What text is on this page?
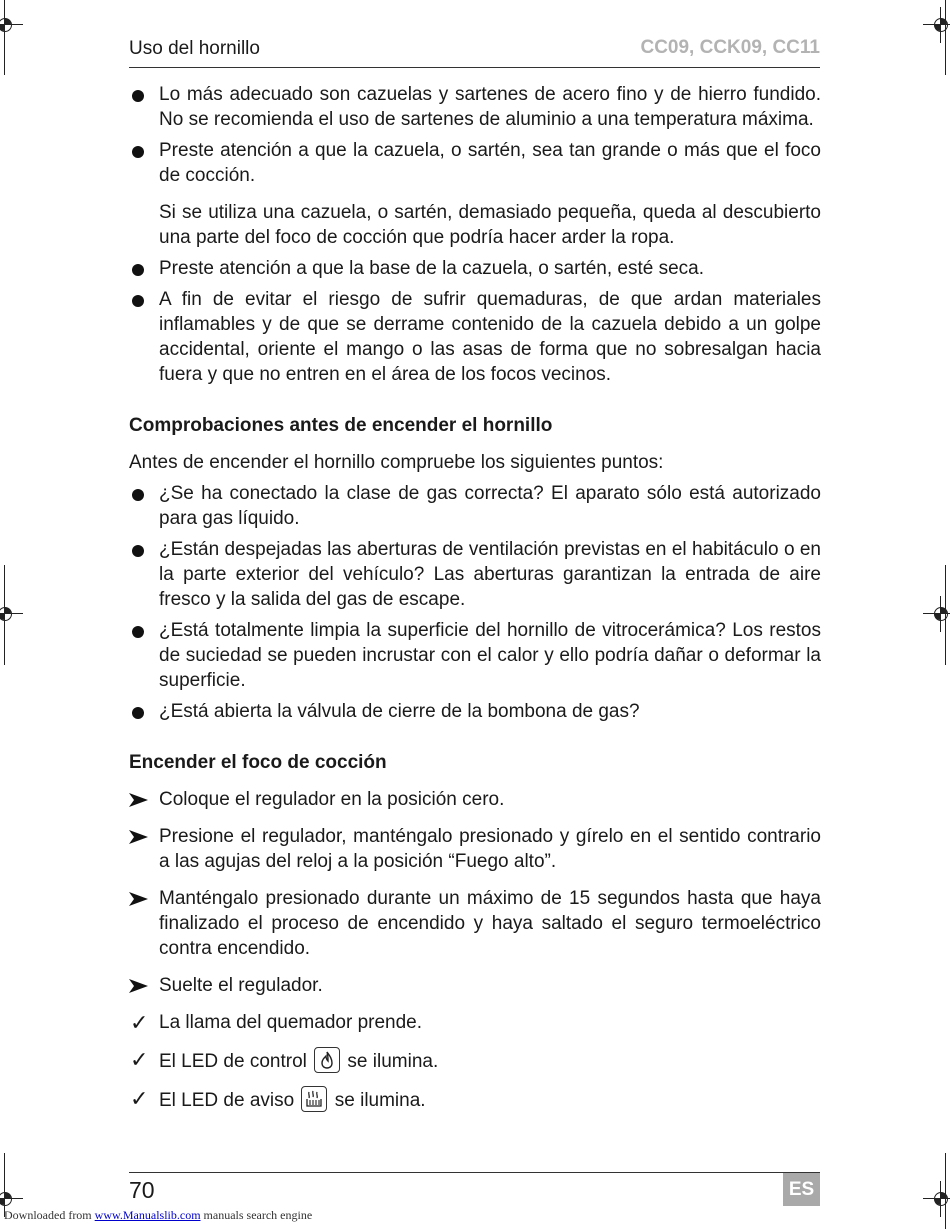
Uso del hornillo	CC09, CCK09, CC11
Lo más adecuado son cazuelas y sartenes de acero fino y de hierro fundido. No se recomienda el uso de sartenes de aluminio a una temperatura máxima.
Preste atención a que la cazuela, o sartén, sea tan grande o más que el foco de cocción.
Si se utiliza una cazuela, o sartén, demasiado pequeña, queda al descubierto una parte del foco de cocción que podría hacer arder la ropa.
Preste atención a que la base de la cazuela, o sartén, esté seca.
A fin de evitar el riesgo de sufrir quemaduras, de que ardan materiales inflamables y de que se derrame contenido de la cazuela debido a un golpe accidental, oriente el mango o las asas de forma que no sobresalgan hacia fuera y que no entren en el área de los focos vecinos.
Comprobaciones antes de encender el hornillo
Antes de encender el hornillo compruebe los siguientes puntos:
¿Se ha conectado la clase de gas correcta? El aparato sólo está autorizado para gas líquido.
¿Están despejadas las aberturas de ventilación previstas en el habitáculo o en la parte exterior del vehículo? Las aberturas garantizan la entrada de aire fresco y la salida del gas de escape.
¿Está totalmente limpia la superficie del hornillo de vitrocerámica? Los restos de suciedad se pueden incrustar con el calor y ello podría dañar o deformar la superficie.
¿Está abierta la válvula de cierre de la bombona de gas?
Encender el foco de cocción
Coloque el regulador en la posición cero.
Presione el regulador, manténgalo presionado y gírelo en el sentido contrario a las agujas del reloj a la posición “Fuego alto”.
Manténgalo presionado durante un máximo de 15 segundos hasta que haya finalizado el proceso de encendido y haya saltado el seguro termoeléctrico contra encendido.
Suelte el regulador.
✓ La llama del quemador prende.
✓ El LED de control se ilumina.
✓ El LED de aviso se ilumina.
70	ES
Downloaded from www.Manualslib.com manuals search engine
